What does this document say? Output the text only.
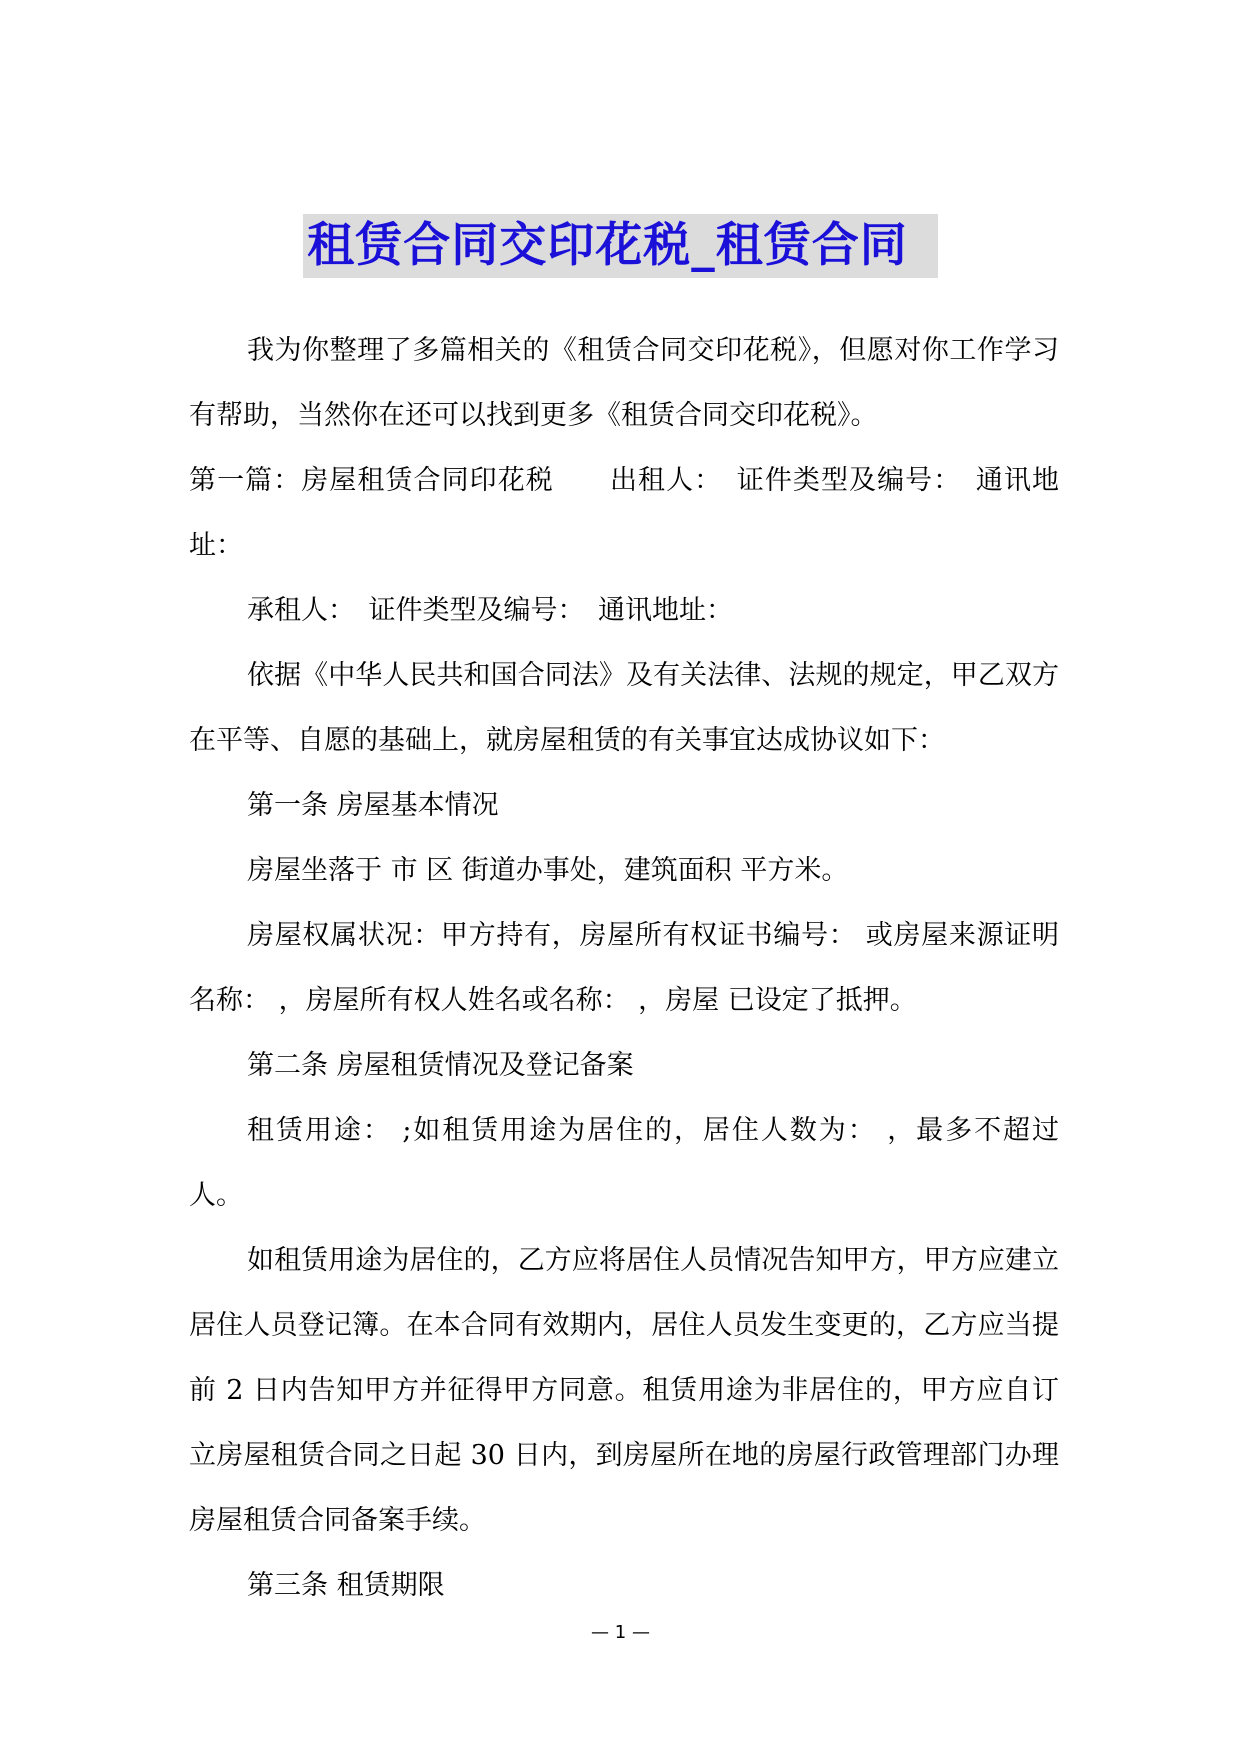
租赁合同交印花税_租赁合同

我为你整理了多篇相关的《租赁合同交印花税》，但愿对你工作学习有帮助，当然你在还可以找到更多《租赁合同交印花税》。

第一篇：房屋租赁合同印花税　　出租人：　证件类型及编号：　通讯地址：

承租人：　证件类型及编号：　通讯地址：

依据《中华人民共和国合同法》及有关法律、法规的规定，甲乙双方在平等、自愿的基础上，就房屋租赁的有关事宜达成协议如下：

第一条 房屋基本情况

房屋坐落于 市 区 街道办事处，建筑面积 平方米。

房屋权属状况：甲方持有，房屋所有权证书编号： 或房屋来源证明名称： ，房屋所有权人姓名或名称： ，房屋 已设定了抵押。

第二条 房屋租赁情况及登记备案

租赁用途： ;如租赁用途为居住的，居住人数为： ，最多不超过 人。

如租赁用途为居住的，乙方应将居住人员情况告知甲方，甲方应建立居住人员登记簿。在本合同有效期内，居住人员发生变更的，乙方应当提前 2 日内告知甲方并征得甲方同意。租赁用途为非居住的，甲方应自订立房屋租赁合同之日起 30 日内，到房屋所在地的房屋行政管理部门办理房屋租赁合同备案手续。

第三条 租赁期限

— 1 —
